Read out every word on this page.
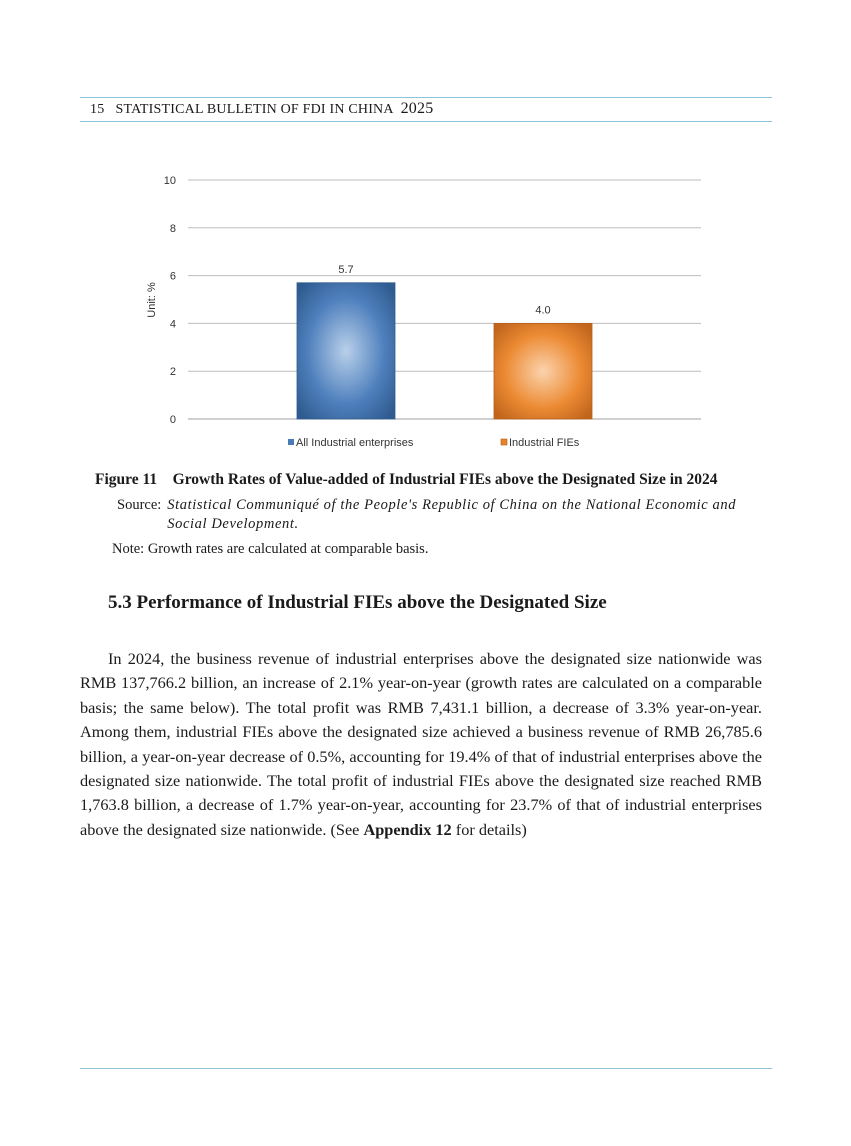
15 STATISTICAL BULLETIN OF FDI IN CHINA 2025
0
2
4
6
8
10
5.7
4.0
Unit: %
All Industrial enterprises	Industrial FIEs
Figure 11 Growth Rates of Value-added of Industrial FIEs above the Designated Size in 2024
Source: Statistical Communiqué of the People's Republic of China on the National Economic and Social Development.
Note: Growth rates are calculated at comparable basis.
5.3 Performance of Industrial FIEs above the Designated Size

In 2024, the business revenue of industrial enterprises above the designated size nationwide was RMB 137,766.2 billion, an increase of 2.1% year-on-year (growth rates are calculated on a comparable basis; the same below). The total profit was RMB 7,431.1 billion, a decrease of 3.3% year-on-year. Among them, industrial FIEs above the designated size achieved a business revenue of RMB 26,785.6 billion, a year-on-year decrease of 0.5%, accounting for 19.4% of that of industrial enterprises above the designated size nationwide. The total profit of industrial FIEs above the designated size reached RMB 1,763.8 billion, a decrease of 1.7% year-on-year, accounting for 23.7% of that of industrial enterprises above the designated size nationwide. (See Appendix 12 for details)
